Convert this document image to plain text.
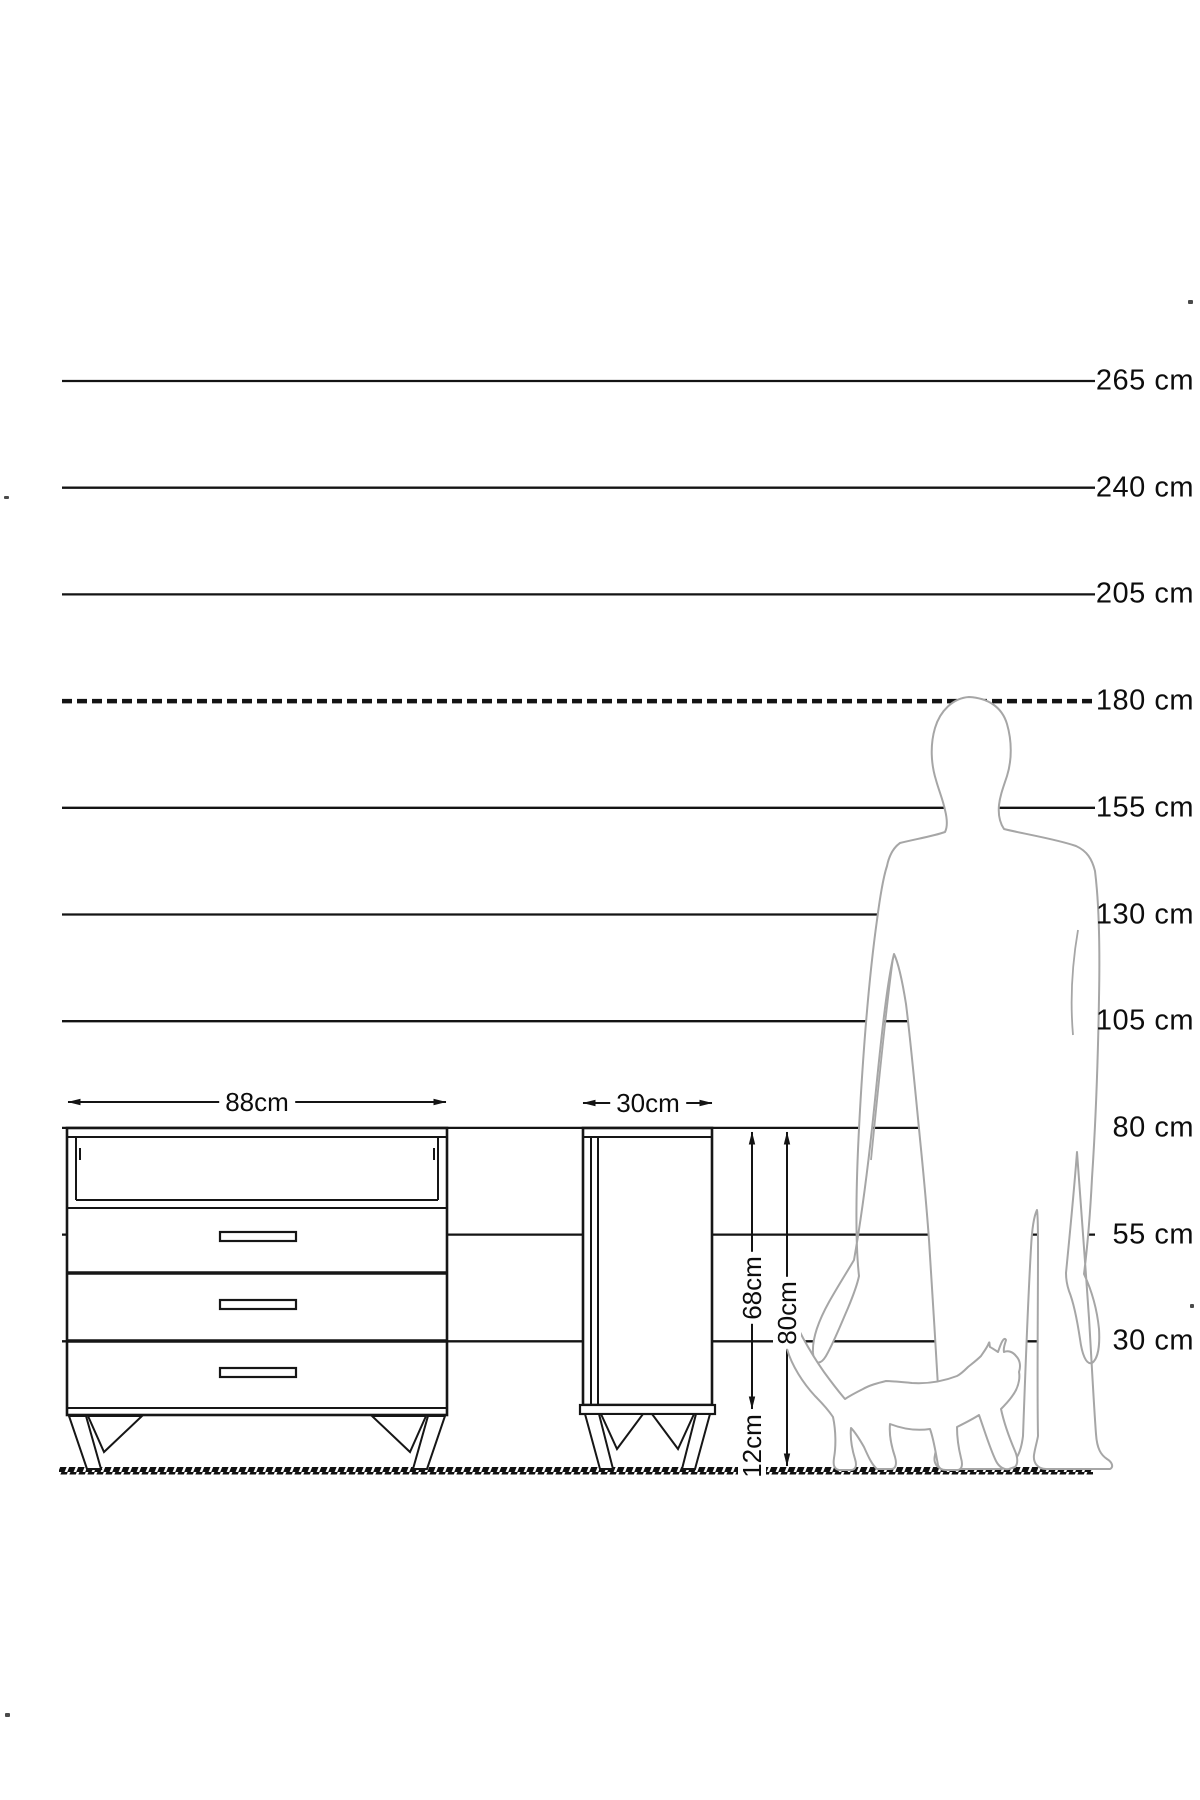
265 cm
240 cm
205 cm
180 cm
155 cm
130 cm
105 cm
80 cm
55 cm
30 cm
88cm	30cm
68cm 80cm
12cm
